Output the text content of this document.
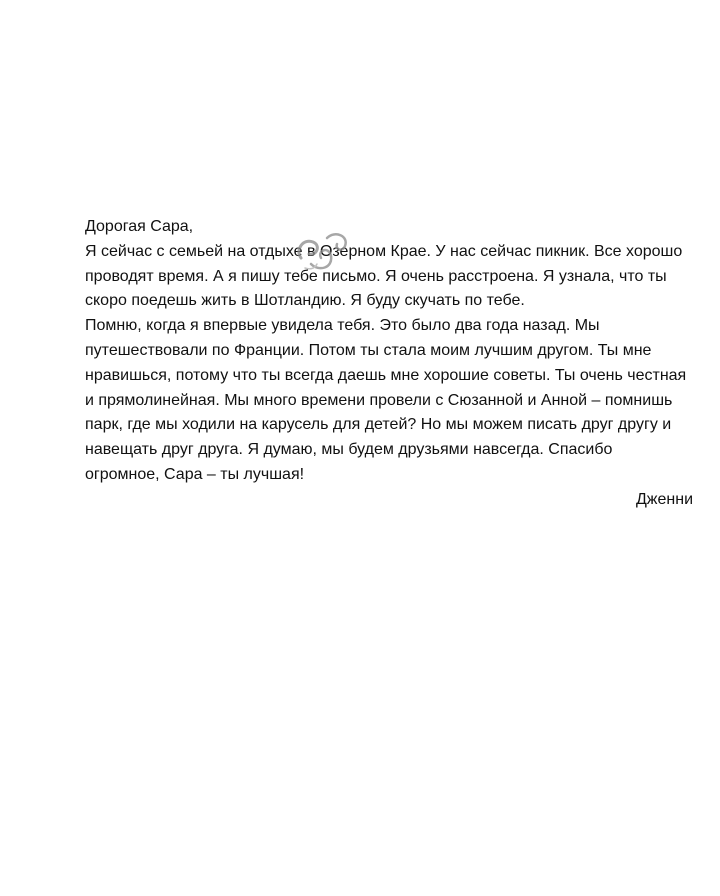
Дорогая Сара,
Я сейчас с семьей на отдыхе в Озерном Крае. У нас сейчас пикник. Все хорошо
проводят время. А я пишу тебе письмо. Я очень расстроена. Я узнала, что ты
скоро поедешь жить в Шотландию. Я буду скучать по тебе.
Помню, когда я впервые увидела тебя. Это было два года назад. Мы
путешествовали по Франции. Потом ты стала моим лучшим другом. Ты мне
нравишься, потому что ты всегда даешь мне хорошие советы. Ты очень честная
и прямолинейная. Мы много времени провели с Сюзанной и Анной – помнишь
парк, где мы ходили на карусель для детей? Но мы можем писать друг другу и
навещать друг друга. Я думаю, мы будем друзьями навсегда. Спасибо
огромное, Сара – ты лучшая!
Дженни
